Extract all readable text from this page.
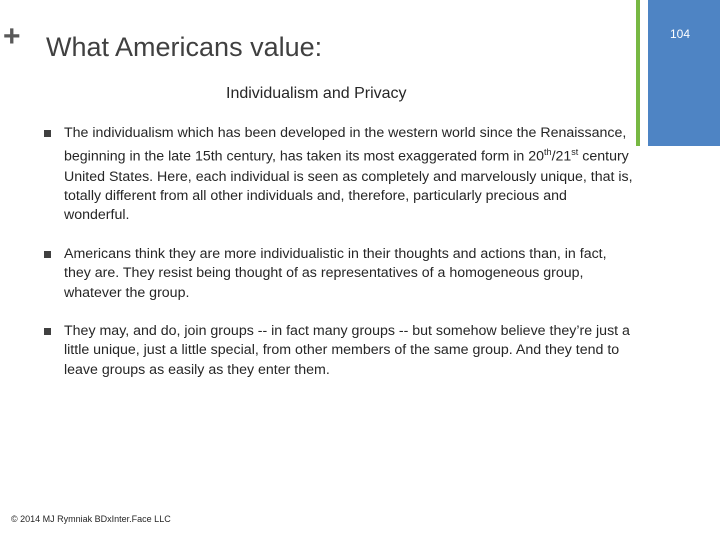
+ What Americans value:	104
Individualism and Privacy
The individualism which has been developed in the western world since the Renaissance, beginning in the late 15th century, has taken its most exaggerated form in 20th/21st century United States. Here, each individual is seen as completely and marvelously unique, that is, totally different from all other individuals and, therefore, particularly precious and wonderful.
Americans think they are more individualistic in their thoughts and actions than, in fact, they are. They resist being thought of as representatives of a homogeneous group, whatever the group.
They may, and do, join groups -- in fact many groups -- but somehow believe they’re just a little unique, just a little special, from other members of the same group. And they tend to leave groups as easily as they enter them.
© 2014 MJ Rymniak BDxInter.Face LLC
